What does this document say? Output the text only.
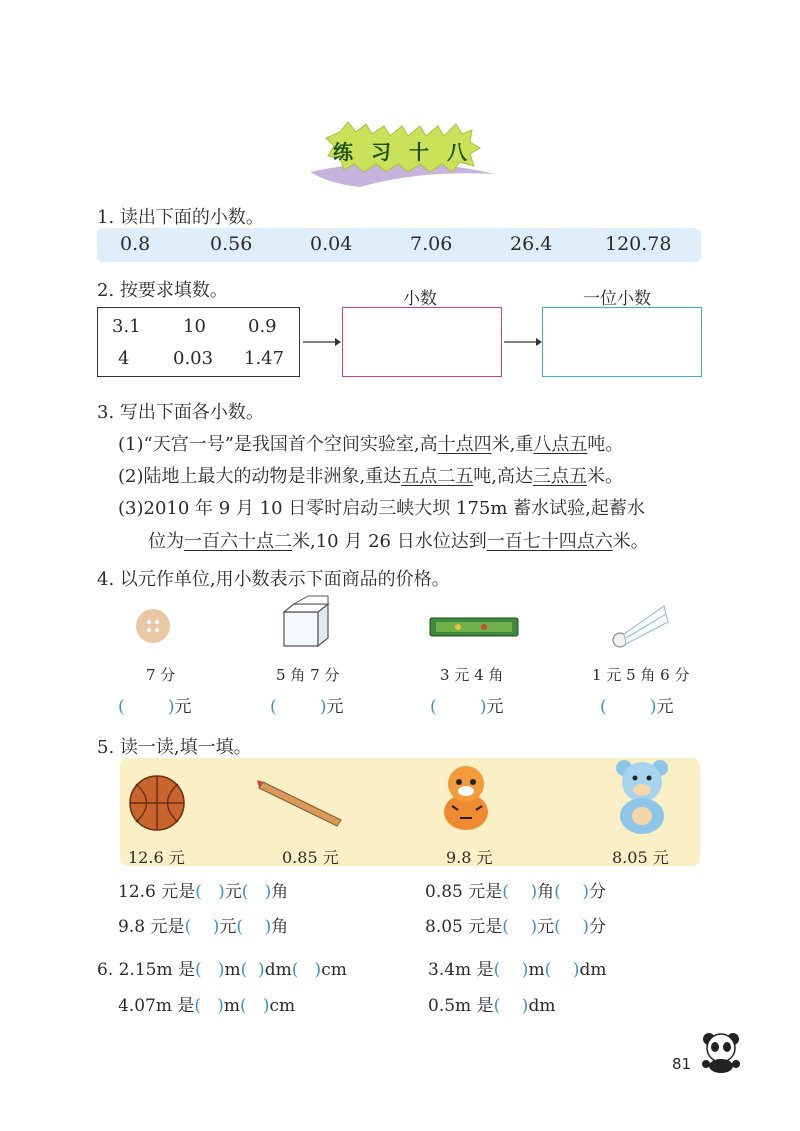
练习十八
1. 读出下面的小数。
0.8	0.56	0.04	7.06	26.4	120.78
2. 按要求填数。	小数	一位小数
3.1 10 0.9
4 0.03 1.47
3. 写出下面各小数。
(1)“天宫一号”是我国首个空间实验室,高十点四米,重八点五吨。
(2)陆地上最大的动物是非洲象,重达五点二五吨,高达三点五米。
(3)2010 年 9 月 10 日零时启动三峡大坝 175m 蓄水试验,起蓄水
位为一百六十点二米,10 月 26 日水位达到一百七十四点六米。
4. 以元作单位,用小数表示下面商品的价格。
7 分	5 角 7 分	3 元 4 角	1 元 5 角 6 分
(        )元	(        )元	(        )元	(        )元
5. 读一读,填一填。
12.6 元	0.85 元	9.8 元	8.05 元
12.6 元是(   )元(   )角	0.85 元是(    )角(    )分
9.8 元是(    )元(    )角	8.05 元是(    )元(    )分
6. 2.15m 是(   )m(  )dm(   )cm	3.4m 是(    )m(    )dm
4.07m 是(   )m(   )cm	0.5m 是(    )dm
81
